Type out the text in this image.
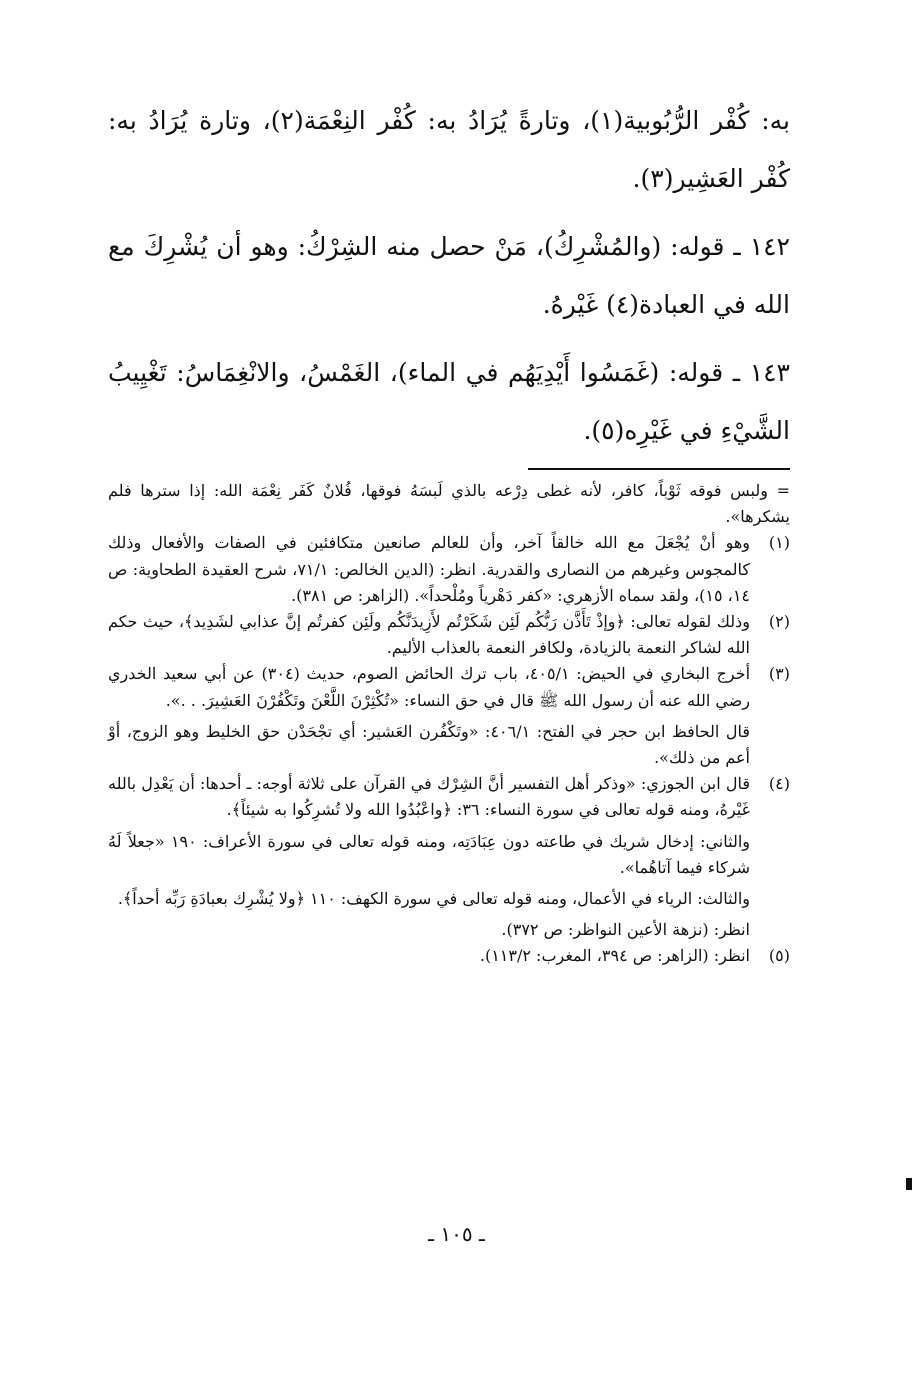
به: كُفْر الرُّبُوبية(١)، وتارةً يُرَادُ به: كُفْر النِعْمَة(٢)، وتارة يُرَادُ به: كُفْر العَشِير(٣).

١٤٢ ـ قوله: (والمُشْرِكُ)، مَنْ حصل منه الشِرْكُ: وهو أن يُشْرِكَ مع الله في العبادة(٤) غَيْرهُ.

١٤٣ ـ قوله: (غَمَسُوا أَيْدِيَهُم في الماء)، الغَمْسُ، والانْغِمَاسُ: تَغْيِيبُ الشَّيْءِ في غَيْرِه(٥).

= ولبس فوقه ثَوْباً، كافر، لأنه غطى دِرْعه بالذي لَبسَهُ فوقها، فُلانٌ كَفَر نِعْمَة الله: إذا سترها فلم يشكرها».

(١)

وهو أنْ يُجْعَلَ مع الله خالقاً آخر، وأن للعالم صانعين متكافئين في الصفات والأفعال وذلك كالمجوس وغيرهم من النصارى والقدرية. انظر: (الدين الخالص: ٧١/١، شرح العقيدة الطحاوية: ص ١٤، ١٥)، ولقد سماه الأزهري: «كفر دَهْرياً ومُلْحداً». (الزاهر: ص ٣٨١).

(٢)

وذلك لقوله تعالى: ﴿وإذْ تَأَذَّن رَبُّكُم لَئِن شَكَرْتُم لأَزِيدَنَّكُم ولَئِن كفرتُم إنَّ عذابي لشَدِيد﴾، حيث حكم الله لشاكر النعمة بالزيادة، ولكافر النعمة بالعذاب الأليم.

(٣)

أخرج البخاري في الحيض: ٤٠٥/١، باب ترك الحائض الصوم، حديث (٣٠٤) عن أبي سعيد الخدري رضي الله عنه أن رسول الله ﷺ قال في حق النساء: «تُكْثِرْنَ اللَّعْنَ وتَكْفُرْنَ العَشِيرَ. . .».

قال الحافظ ابن حجر في الفتح: ٤٠٦/١: «وتَكْفُرن العَشير: أي تجْحَدْن حق الخليط وهو الزوج، أوْ أعم من ذلك».

(٤)

قال ابن الجوزي: «وذكر أهل التفسير أنَّ الشِرْك في القرآن على ثلاثة أوجه: ـ أحدها: أن يَعْدِل بالله غَيْرهُ، ومنه قوله تعالى في سورة النساء: ٣٦: ﴿واعْبُدُوا الله ولا تُشرِكُوا به شيئاً﴾.

والثاني: إدخال شريك في طاعته دون عِبَادَتِه، ومنه قوله تعالى في سورة الأعراف: ١٩٠ «جعلاً لَهُ شركاء فيما آتاهُما».

والثالث: الرياء في الأعمال، ومنه قوله تعالى في سورة الكهف: ١١٠ ﴿ولا يُشْرِك بعبادَةِ رَبِّه أحداً﴾.

انظر: (نزهة الأعين النواظر: ص ٣٧٢).

(٥)

انظر: (الزاهر: ص ٣٩٤، المغرب: ١١٣/٢).

ـ ١٠٥ ـ
